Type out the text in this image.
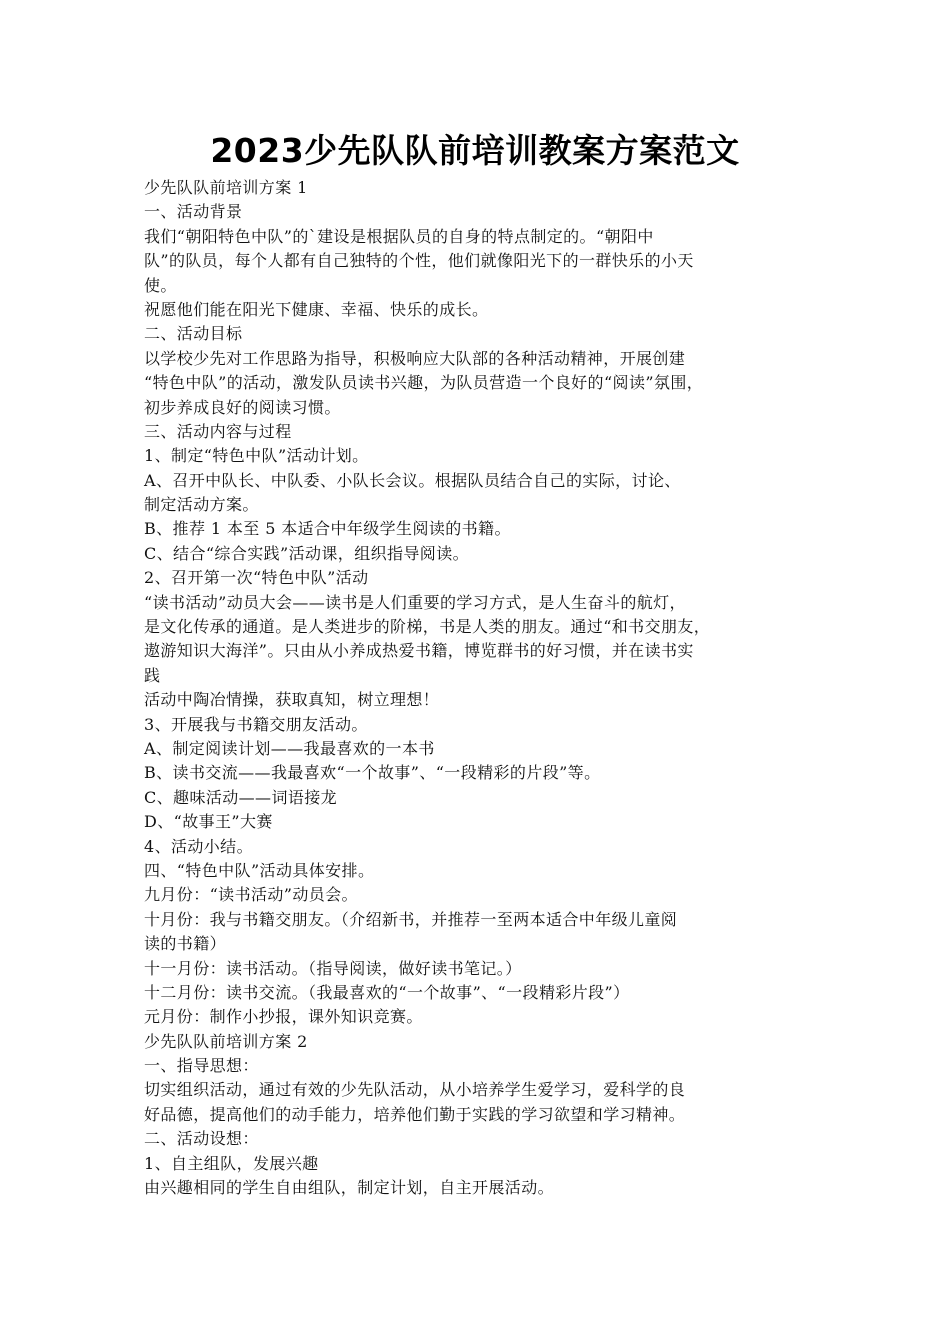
2023少先队队前培训教案方案范文
少先队队前培训方案 1
一、活动背景
我们“朝阳特色中队”的`建设是根据队员的自身的特点制定的。“朝阳中
队”的队员，每个人都有自己独特的个性，他们就像阳光下的一群快乐的小天
使。
祝愿他们能在阳光下健康、幸福、快乐的成长。
二、活动目标
以学校少先对工作思路为指导，积极响应大队部的各种活动精神，开展创建
“特色中队”的活动，激发队员读书兴趣，为队员营造一个良好的“阅读”氛围，
初步养成良好的阅读习惯。
三、活动内容与过程
1、制定“特色中队”活动计划。
A、召开中队长、中队委、小队长会议。根据队员结合自己的实际，讨论、
制定活动方案。
B、推荐 1 本至 5 本适合中年级学生阅读的书籍。
C、结合“综合实践”活动课，组织指导阅读。
2、召开第一次“特色中队”活动
“读书活动”动员大会——读书是人们重要的学习方式，是人生奋斗的航灯，
是文化传承的通道。是人类进步的阶梯，书是人类的朋友。通过“和书交朋友，
遨游知识大海洋”。只由从小养成热爱书籍，博览群书的好习惯，并在读书实
践
活动中陶冶情操，获取真知，树立理想！
3、开展我与书籍交朋友活动。
A、制定阅读计划——我最喜欢的一本书
B、读书交流——我最喜欢“一个故事”、“一段精彩的片段”等。
C、趣味活动——词语接龙
D、“故事王”大赛
4、活动小结。
四、“特色中队”活动具体安排。
九月份：“读书活动”动员会。
十月份：我与书籍交朋友。（介绍新书，并推荐一至两本适合中年级儿童阅
读的书籍）
十一月份：读书活动。（指导阅读，做好读书笔记。）
十二月份：读书交流。（我最喜欢的“一个故事”、“一段精彩片段”）
元月份：制作小抄报，课外知识竞赛。
少先队队前培训方案 2
一、指导思想：
切实组织活动，通过有效的少先队活动，从小培养学生爱学习，爱科学的良
好品德，提高他们的动手能力，培养他们勤于实践的学习欲望和学习精神。
二、活动设想：
1、自主组队，发展兴趣
由兴趣相同的学生自由组队，制定计划，自主开展活动。
